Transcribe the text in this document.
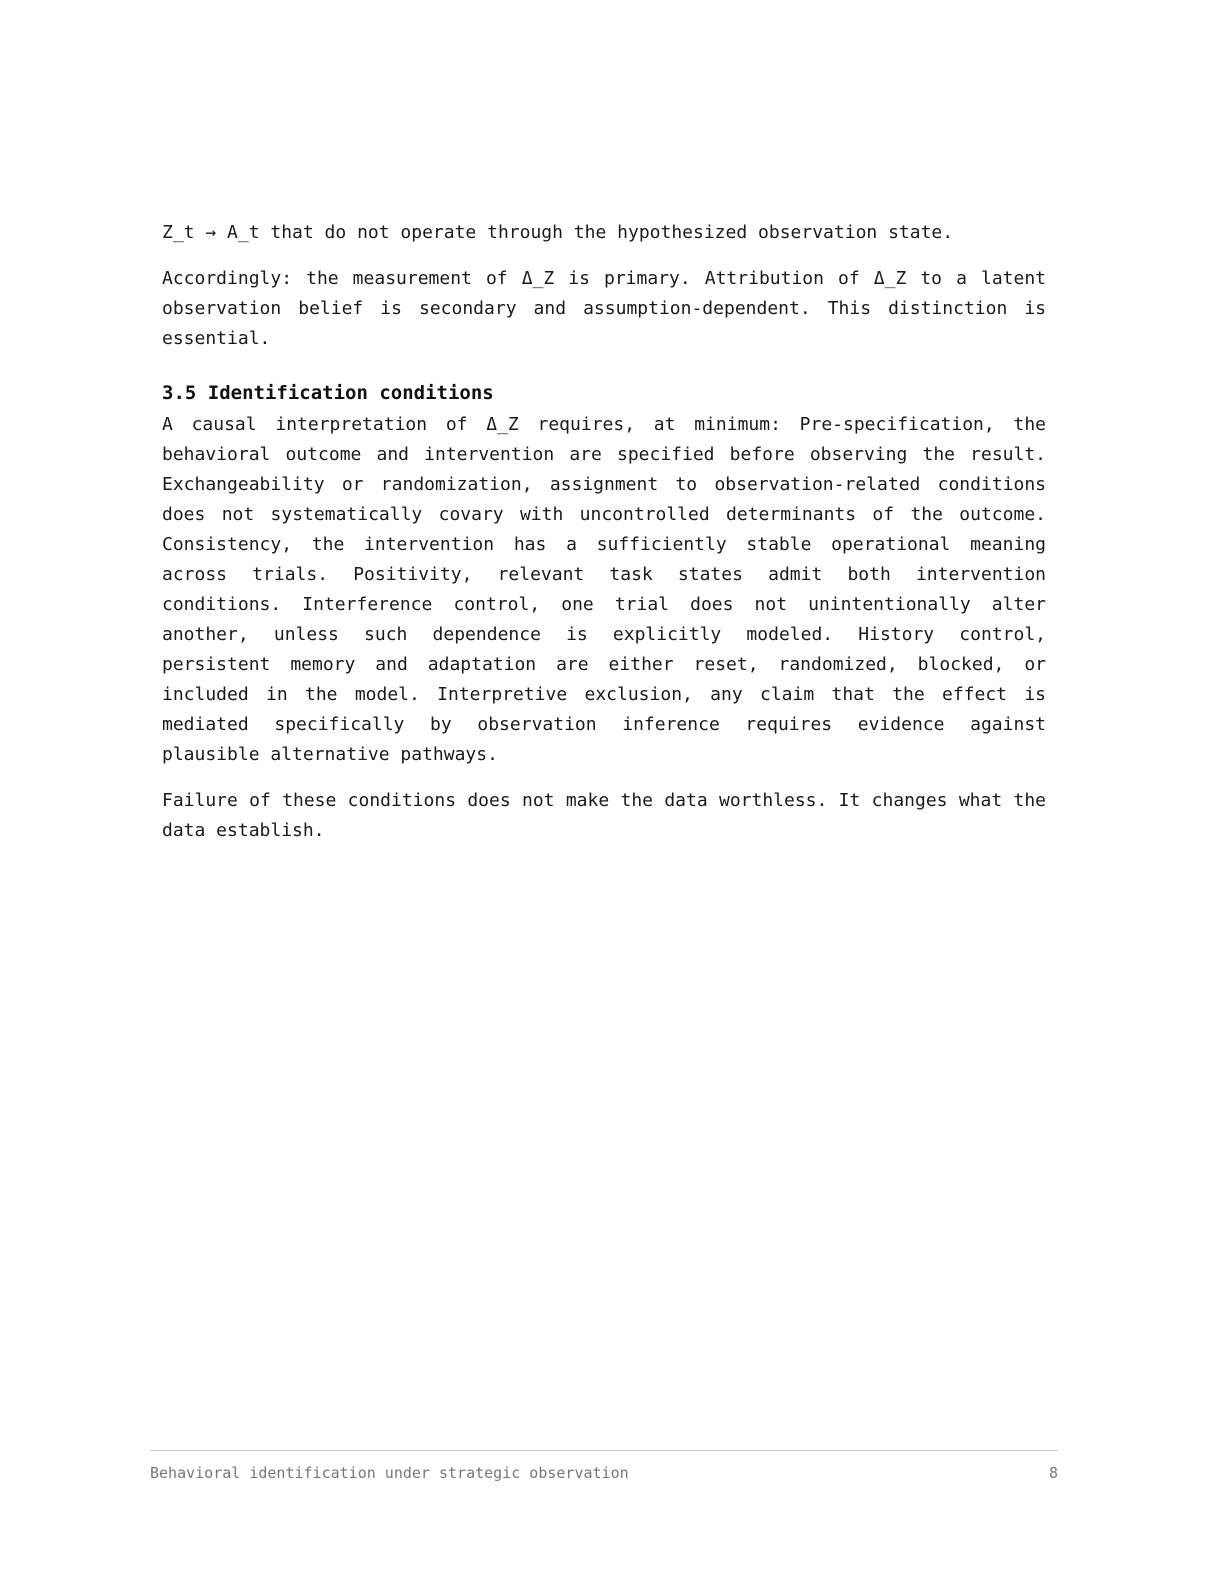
Z_t → A_t that do not operate through the hypothesized observation state.

Accordingly: the measurement of Δ_Z is primary. Attribution of Δ_Z to a latent observation belief is secondary and assumption-dependent. This distinction is essential.

3.5 Identification conditions

A causal interpretation of Δ_Z requires, at minimum: Pre-specification, the behavioral outcome and intervention are specified before observing the result. Exchangeability or randomization, assignment to observation-related conditions does not systematically covary with uncontrolled determinants of the outcome. Consistency, the intervention has a sufficiently stable operational meaning across trials. Positivity, relevant task states admit both intervention conditions. Interference control, one trial does not unintentionally alter another, unless such dependence is explicitly modeled. History control, persistent memory and adaptation are either reset, randomized, blocked, or included in the model. Interpretive exclusion, any claim that the effect is mediated specifically by observation inference requires evidence against plausible alternative pathways.

Failure of these conditions does not make the data worthless. It changes what the data establish.

Behavioral identification under strategic observation	8
